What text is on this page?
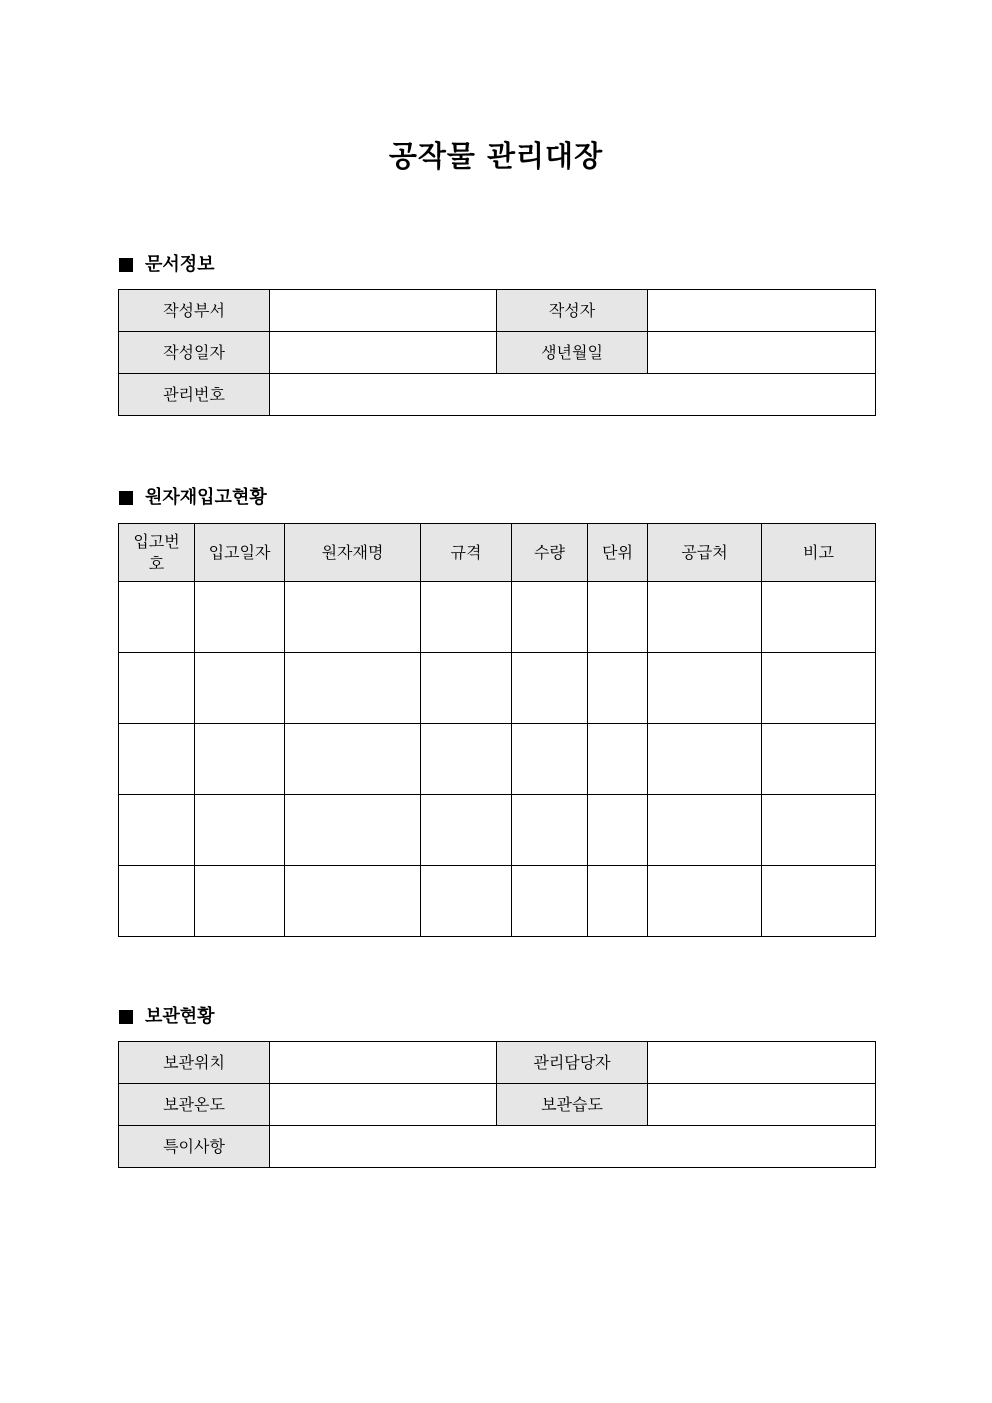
공작물 관리대장
문서정보
작성부서		작성자	
작성일자		생년월일	
관리번호			
원자재입고현황
입고번호	입고일자	원자재명	규격	수량	단위	공급처	비고

보관현황
보관위치		관리담당자	
보관온도		보관습도	
특이사항			
